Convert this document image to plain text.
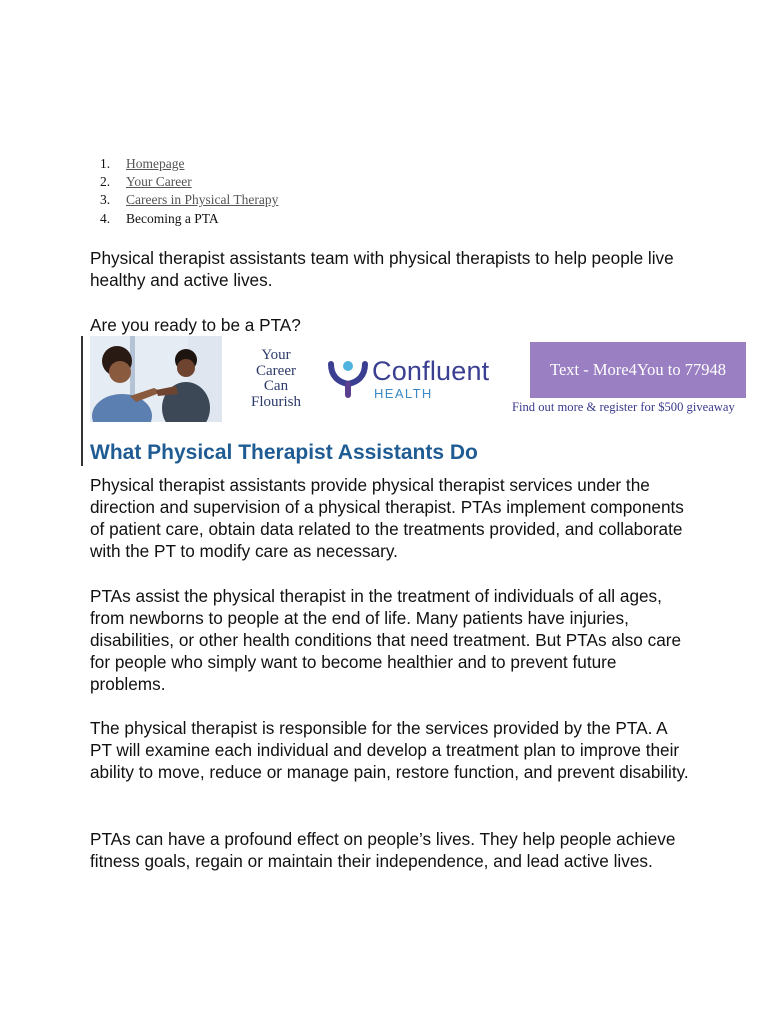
1.	Homepage
2.	Your Career
3.	Careers in Physical Therapy
4.	Becoming a PTA

Physical therapist assistants team with physical therapists to help people live healthy and active lives.

Are you ready to be a PTA?

Your
Career
Can
Flourish
Confluent
HEALTH
Text - More4You to 77948
Find out more & register for $500 giveaway
What Physical Therapist Assistants Do

Physical therapist assistants provide physical therapist services under the direction and supervision of a physical therapist. PTAs implement components of patient care, obtain data related to the treatments provided, and collaborate with the PT to modify care as necessary.

PTAs assist the physical therapist in the treatment of individuals of all ages, from newborns to people at the end of life. Many patients have injuries, disabilities, or other health conditions that need treatment. But PTAs also care for people who simply want to become healthier and to prevent future problems.

The physical therapist is responsible for the services provided by the PTA. A PT will examine each individual and develop a treatment plan to improve their ability to move, reduce or manage pain, restore function, and prevent disability.

PTAs can have a profound effect on people’s lives. They help people achieve fitness goals, regain or maintain their independence, and lead active lives.
